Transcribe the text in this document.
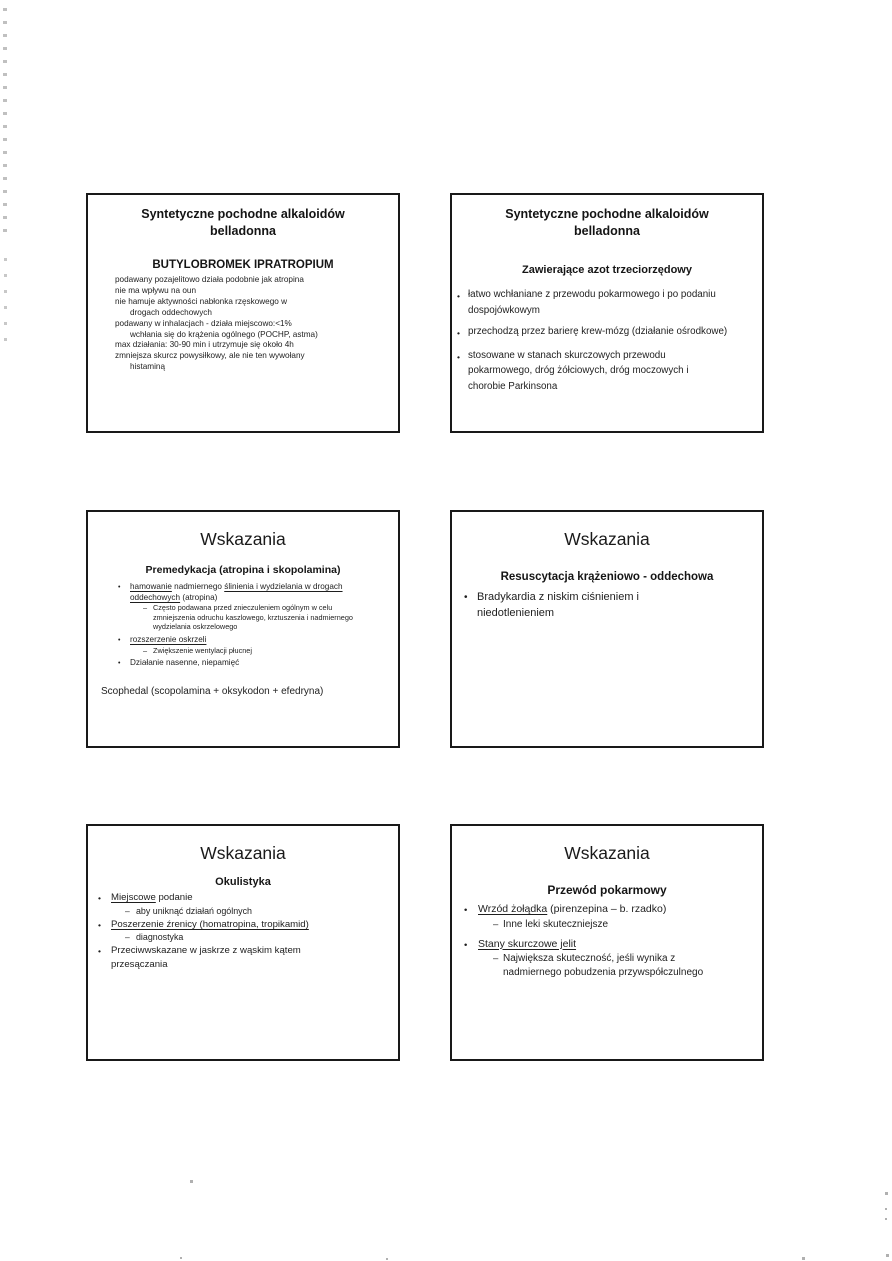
Syntetyczne pochodne alkaloidów
belladonna
BUTYLOBROMEK IPRATROPIUM
podawany pozajelitowo działa podobnie jak atropina
nie ma wpływu na oun
nie hamuje aktywności nabłonka rzęskowego w
drogach oddechowych
podawany w inhalacjach - działa miejscowo:<1%
wchłania się do krążenia ogólnego (POCHP, astma)
max działania: 30-90 min i utrzymuje się około 4h
zmniejsza skurcz powysiłkowy, ale nie ten wywołany
histaminą
Syntetyczne pochodne alkaloidów
belladonna
Zawierające azot trzeciorzędowy
• łatwo wchłaniane z przewodu pokarmowego i po podaniu
dospojówkowym
• przechodzą przez barierę krew-mózg (działanie ośrodkowe)
• stosowane w stanach skurczowych przewodu
pokarmowego, dróg żółciowych, dróg moczowych i
chorobie Parkinsona
Wskazania
Premedykacja (atropina i skopolamina)
•	hamowanie nadmiernego ślinienia i wydzielania w drogach
oddechowych (atropina)
– Często podawana przed znieczuleniem ogólnym w celu
zmniejszenia odruchu kaszlowego, krztuszenia i nadmiernego
wydzielania oskrzelowego
•	rozszerzenie oskrzeli
– Zwiększenie wentylacji płucnej
•	Działanie nasenne, niepamięć
Scophedal (scopolamina + oksykodon + efedryna)
Wskazania
Resuscytacja krążeniowo - oddechowa
• Bradykardia z niskim ciśnieniem i
niedotlenieniem
Wskazania
Okulistyka
•	Miejscowe podanie
– aby uniknąć działań ogólnych
•	Poszerzenie źrenicy (homatropina, tropikamid)
– diagnostyka
•	Przeciwwskazane w jaskrze z wąskim kątem
przesączania
Wskazania
Przewód pokarmowy
•	Wrzód żołądka (pirenzepina – b. rzadko)
– Inne leki skuteczniejsze
•	Stany skurczowe jelit
– Największa skuteczność, jeśli wynika z
nadmiernego pobudzenia przywspółczulnego
